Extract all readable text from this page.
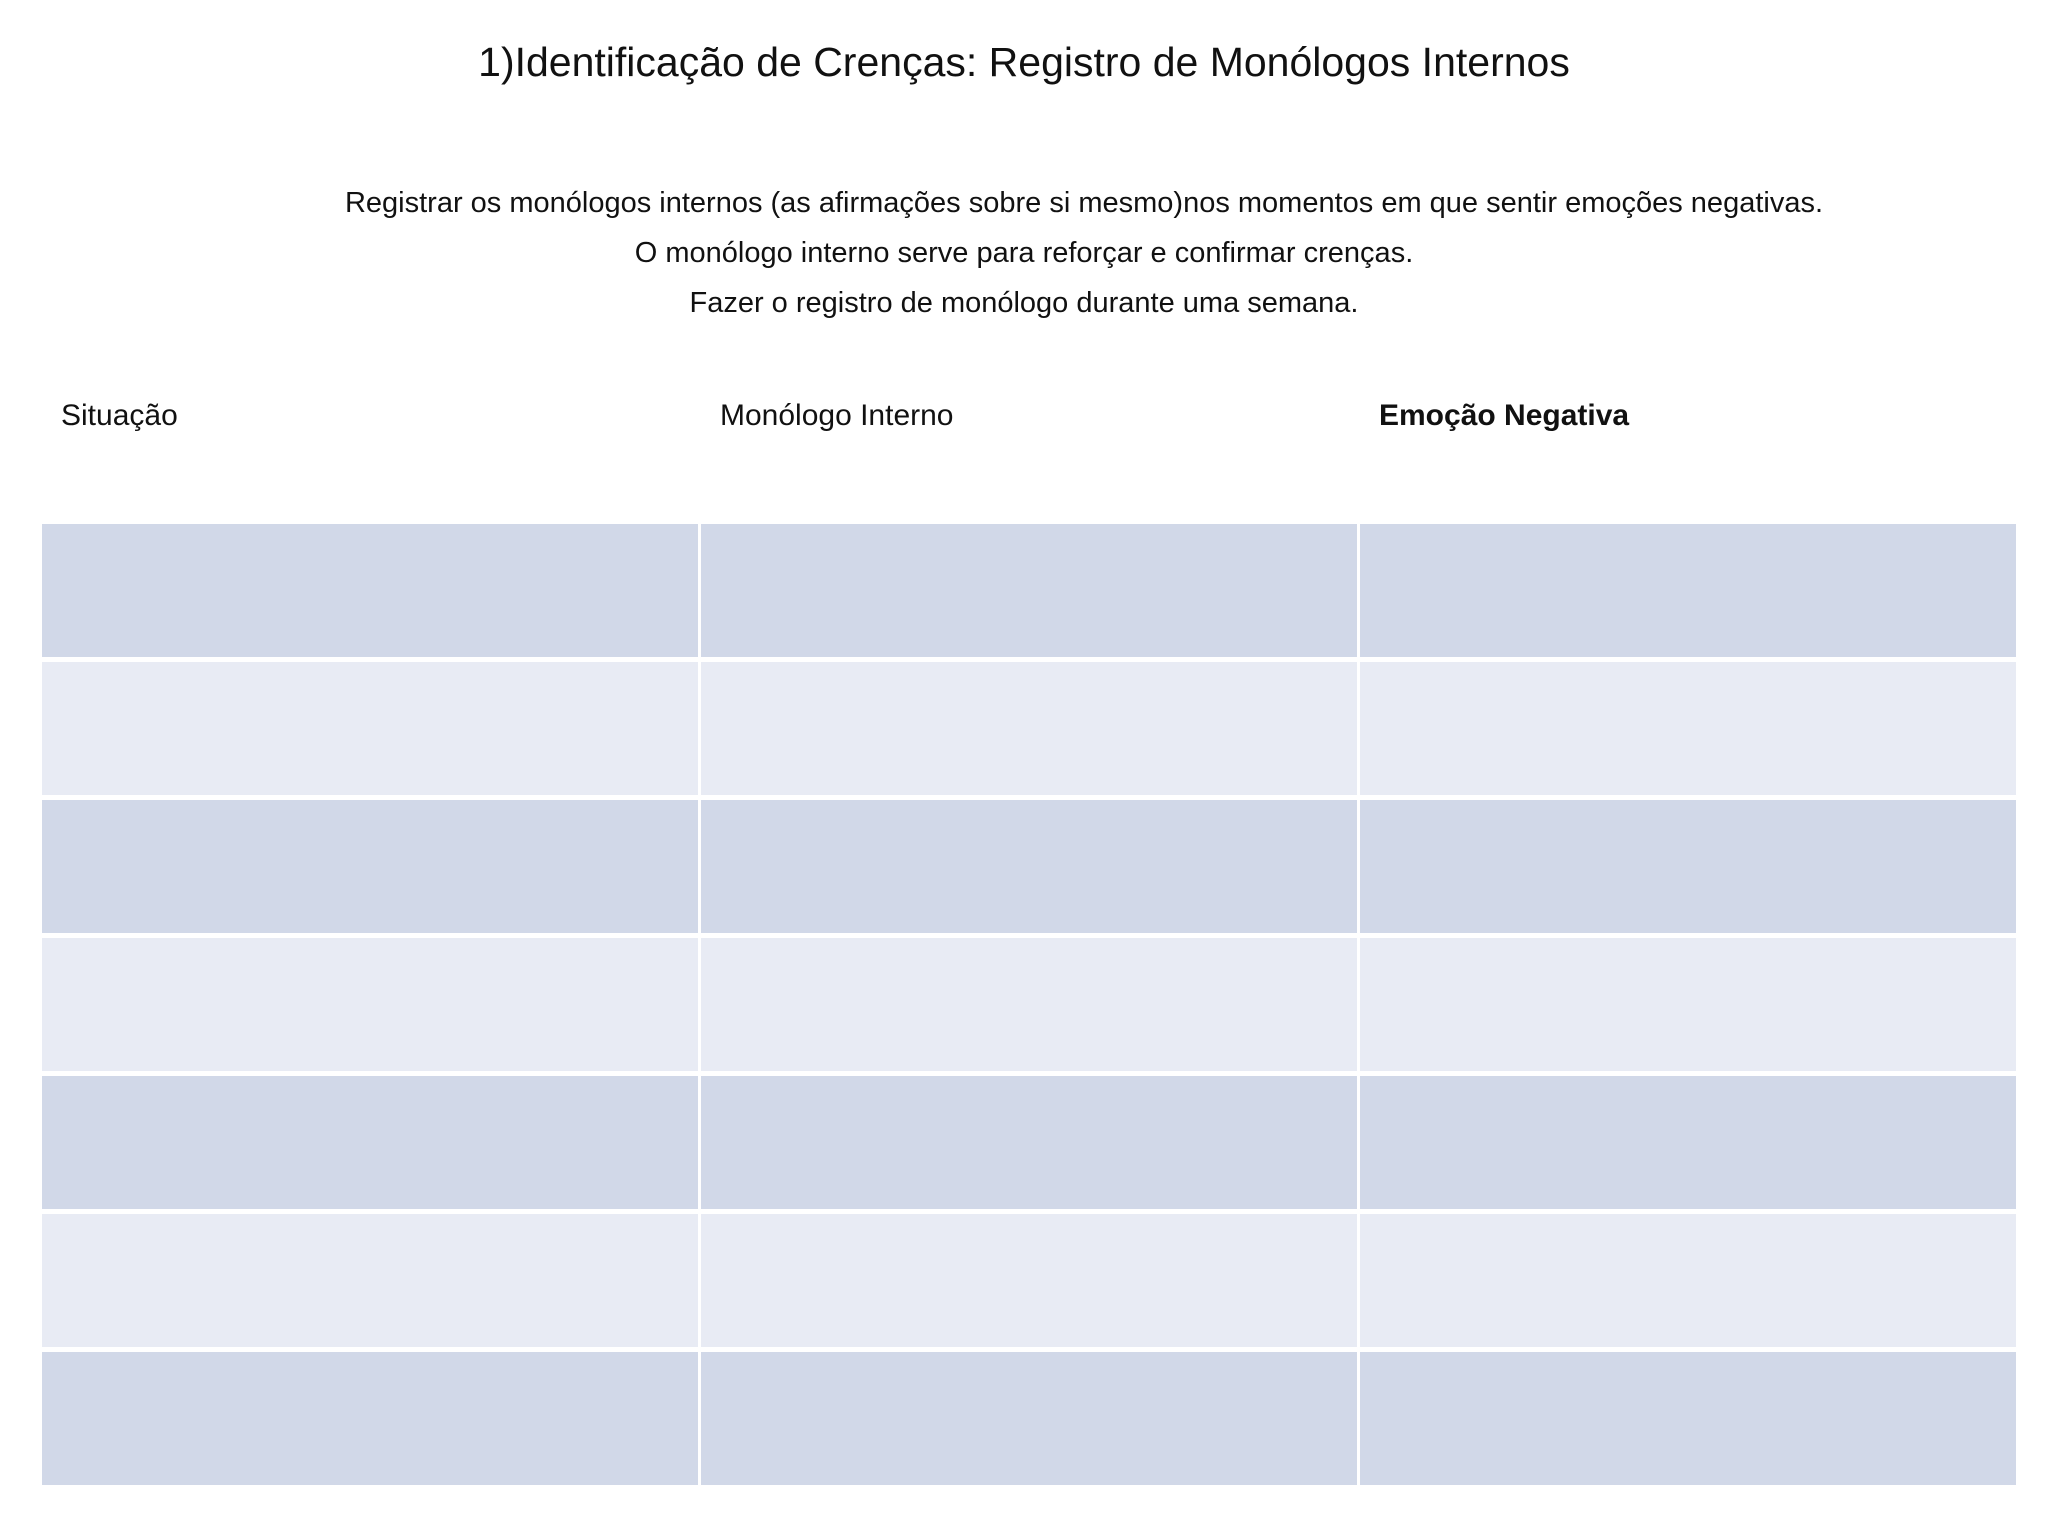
1)Identificação de Crenças: Registro de Monólogos Internos
Registrar os monólogos internos (as afirmações sobre si mesmo)nos momentos em que sentir emoções negativas.
O monólogo interno serve para reforçar e confirmar crenças.
Fazer o registro de monólogo durante uma semana.
Situação	Monólogo Interno	Emoção Negativa
